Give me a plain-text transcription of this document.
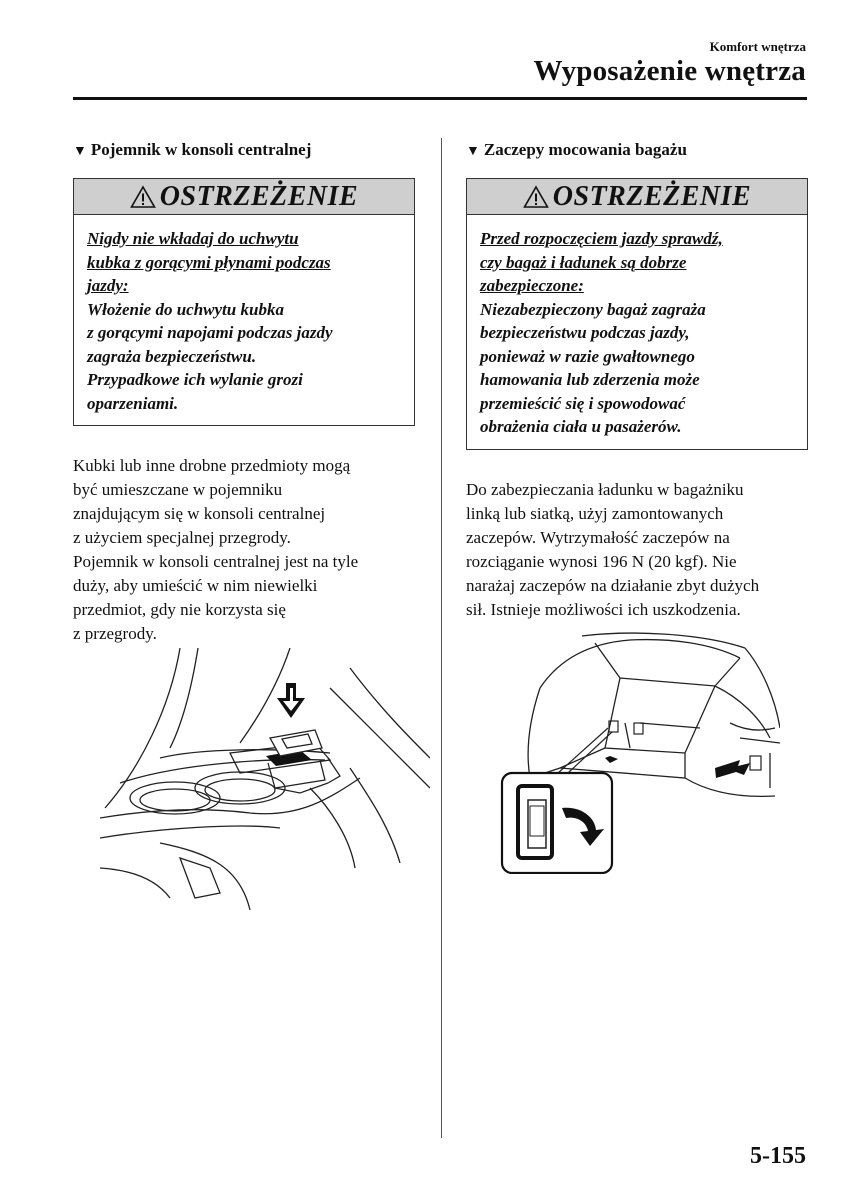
Komfort wnętrza
Wyposażenie wnętrza
▼ Pojemnik w konsoli centralnej
OSTRZEŻENIE

Nigdy nie wkładaj do uchwytu

kubka z gorącymi płynami podczas

jazdy:

Włożenie do uchwytu kubka

z gorącymi napojami podczas jazdy

zagraża bezpieczeństwu.

Przypadkowe ich wylanie grozi

oparzeniami.

Kubki lub inne drobne przedmioty mogą

być umieszczane w pojemniku

znajdującym się w konsoli centralnej

z użyciem specjalnej przegrody.

Pojemnik w konsoli centralnej jest na tyle

duży, aby umieścić w nim niewielki

przedmiot, gdy nie korzysta się

z przegrody.

▼ Zaczepy mocowania bagażu
OSTRZEŻENIE

Przed rozpoczęciem jazdy sprawdź,

czy bagaż i ładunek są dobrze

zabezpieczone:

Niezabezpieczony bagaż zagraża

bezpieczeństwu podczas jazdy,

ponieważ w razie gwałtownego

hamowania lub zderzenia może

przemieścić się i spowodować

obrażenia ciała u pasażerów.

Do zabezpieczania ładunku w bagażniku

linką lub siatką, użyj zamontowanych

zaczepów. Wytrzymałość zaczepów na

rozciąganie wynosi 196 N (20 kgf). Nie

narażaj zaczepów na działanie zbyt dużych

sił. Istnieje możliwości ich uszkodzenia.

5-155
